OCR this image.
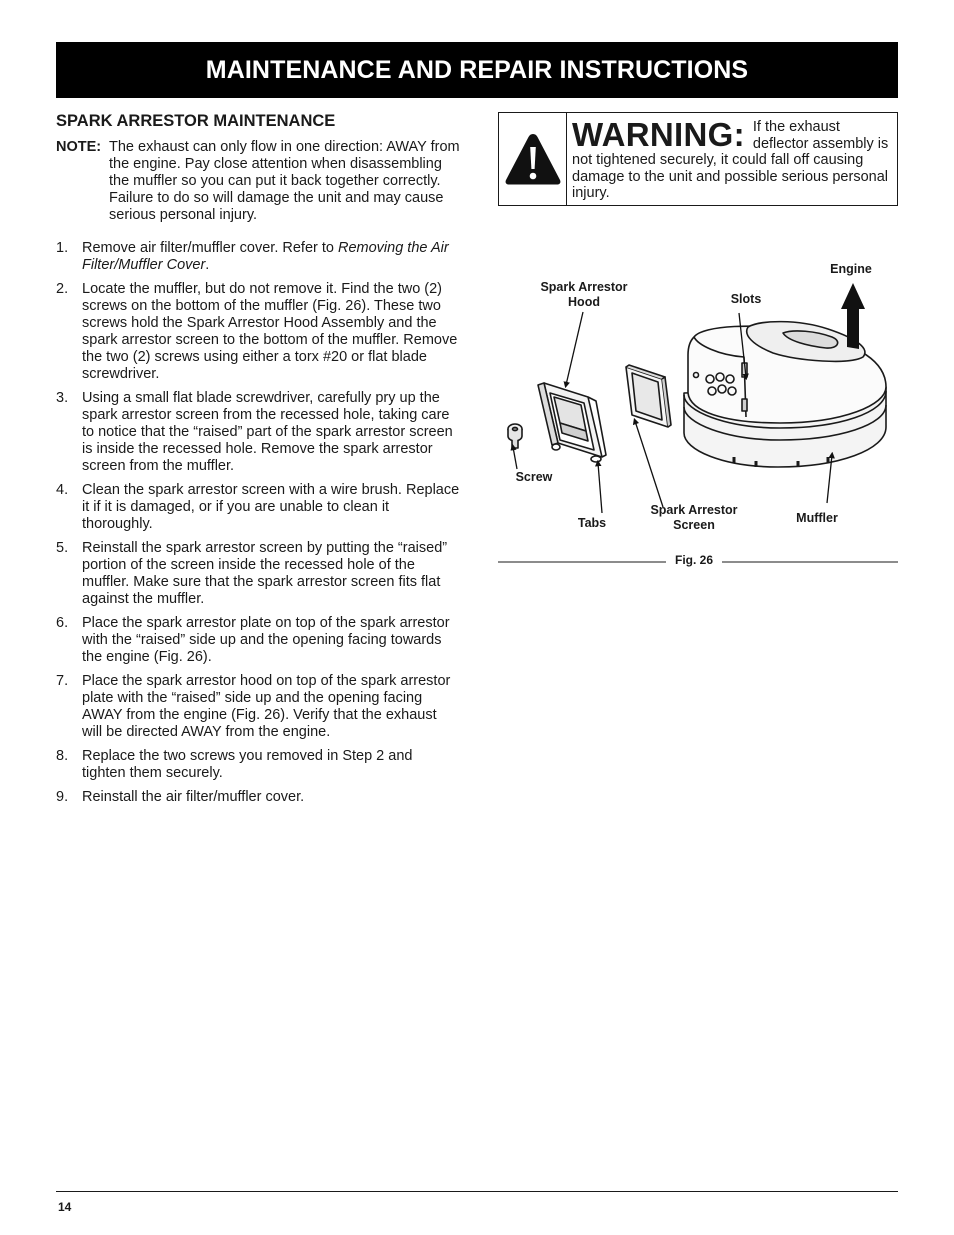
MAINTENANCE AND REPAIR INSTRUCTIONS
SPARK ARRESTOR MAINTENANCE
NOTE: The exhaust can only flow in one direction: AWAY from the engine. Pay close attention when disassembling the muffler so you can put it back together correctly. Failure to do so will damage the unit and may cause serious personal injury.
1. Remove air filter/muffler cover. Refer to Removing the Air Filter/Muffler Cover.
2. Locate the muffler, but do not remove it. Find the two (2) screws on the bottom of the muffler (Fig. 26). These two screws hold the Spark Arrestor Hood Assembly and the spark arrestor screen to the bottom of the muffler. Remove the two (2) screws using either a torx #20 or flat blade screwdriver.
3. Using a small flat blade screwdriver, carefully pry up the spark arrestor screen from the recessed hole, taking care to notice that the “raised” part of the spark arrestor screen is inside the recessed hole. Remove the spark arrestor screen from the muffler.
4. Clean the spark arrestor screen with a wire brush. Replace it if it is damaged, or if you are unable to clean it thoroughly.
5. Reinstall the spark arrestor screen by putting the “raised” portion of the screen inside the recessed hole of the muffler. Make sure that the spark arrestor screen fits flat against the muffler.
6. Place the spark arrestor plate on top of the spark arrestor with the “raised” side up and the opening facing towards the engine (Fig. 26).
7. Place the spark arrestor hood on top of the spark arrestor plate with the “raised” side up and the opening facing AWAY from the engine (Fig. 26). Verify that the exhaust will be directed AWAY from the engine.
8. Replace the two screws you removed in Step 2 and tighten them securely.
9. Reinstall the air filter/muffler cover.
WARNING: If the exhaust deflector assembly is not tightened securely, it could fall off causing damage to the unit and possible serious personal injury.
Engine
Spark Arrestor
Hood	Slots
Screw
Tabs
Spark Arrestor
Screen	Muffler
Fig. 26
14
